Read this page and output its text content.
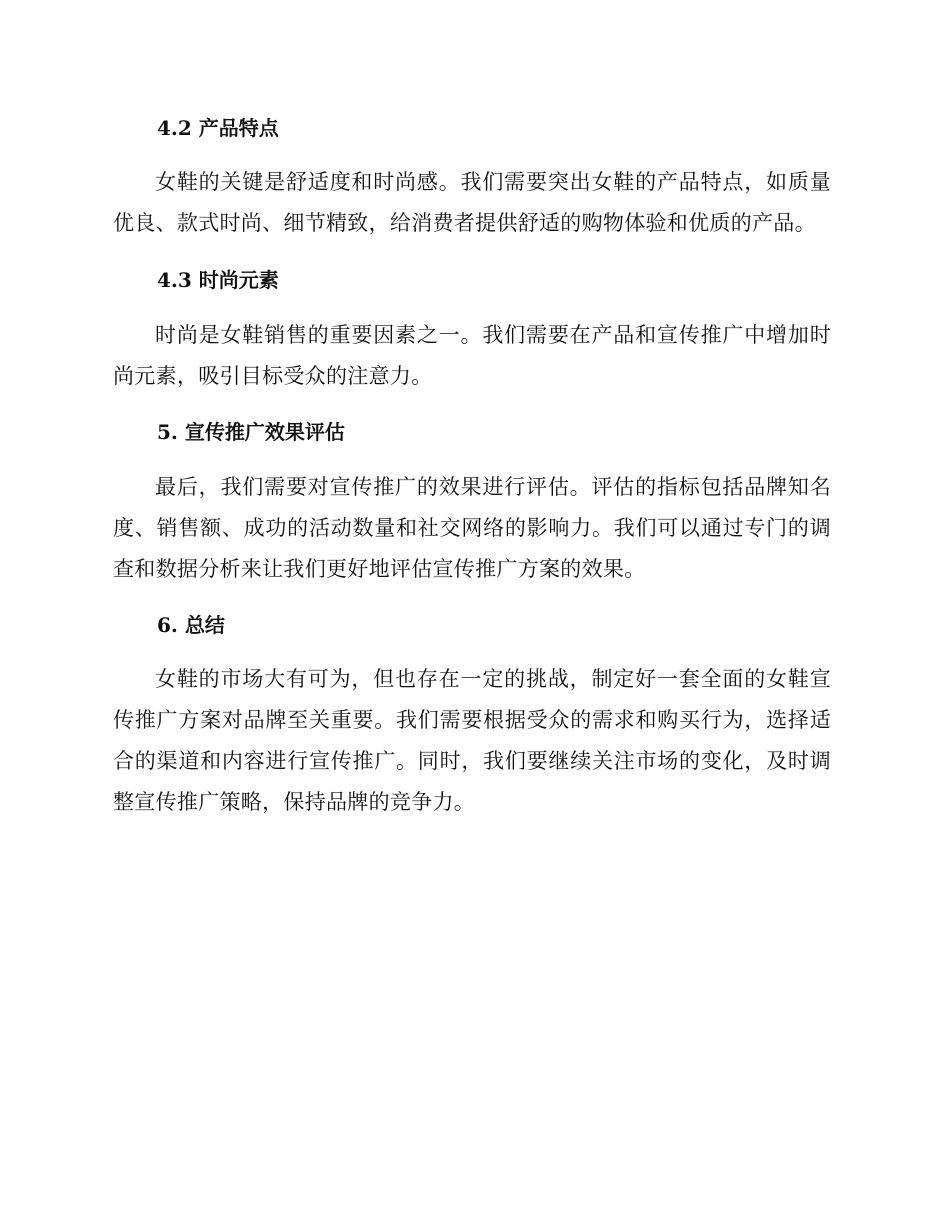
4.2 产品特点

女鞋的关键是舒适度和时尚感。我们需要突出女鞋的产品特点，如质量优良、款式时尚、细节精致，给消费者提供舒适的购物体验和优质的产品。

4.3 时尚元素

时尚是女鞋销售的重要因素之一。我们需要在产品和宣传推广中增加时尚元素，吸引目标受众的注意力。

5. 宣传推广效果评估

最后，我们需要对宣传推广的效果进行评估。评估的指标包括品牌知名度、销售额、成功的活动数量和社交网络的影响力。我们可以通过专门的调查和数据分析来让我们更好地评估宣传推广方案的效果。

6. 总结

女鞋的市场大有可为，但也存在一定的挑战，制定好一套全面的女鞋宣传推广方案对品牌至关重要。我们需要根据受众的需求和购买行为，选择适合的渠道和内容进行宣传推广。同时，我们要继续关注市场的变化，及时调整宣传推广策略，保持品牌的竞争力。
